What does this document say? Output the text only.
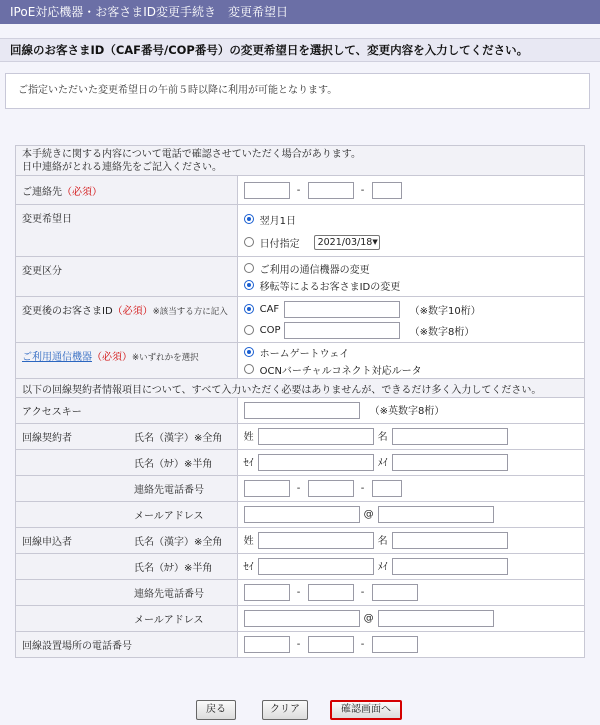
IPoE対応機器・お客さまID変更手続き　変更希望日
回線のお客さまID（CAF番号/COP番号）の変更希望日を選択して、変更内容を入力してください。
ご指定いただいた変更希望日の午前５時以降に利用が可能となります。
本手続きに関する内容について電話で確認させていただく場合があります。
日中連絡がとれる連絡先をご記入ください。	
ご連絡先（必須）	- -
変更希望日	翌月1日
日付指定 2021/03/18 ▼

変更区分	ご利用の通信機器の変更
移転等によるお客さまIDの変更

変更後のお客さまID（必須）※該当する方に記入	CAF （※数字10桁）
COP （※数字8桁）

ご利用通信機器（必須）※いずれかを選択	ホームゲートウェイ
OCNバーチャルコネクト対応ルータ

以下の回線契約者情報項目について、すべて入力いただく必要はありませんが、できるだけ多く入力してください。	
アクセスキー	（※英数字8桁）
回線契約者 氏名（漢字）※全角	姓 名
氏名（ｶﾅ）※半角	ｾｲ ﾒｲ
連絡先電話番号	- -
メールアドレス	@
回線申込者 氏名（漢字）※全角	姓 名
氏名（ｶﾅ）※半角	ｾｲ ﾒｲ
連絡先電話番号	- -
メールアドレス	@
回線設置場所の電話番号	- -
戻る	クリア	確認画面へ
